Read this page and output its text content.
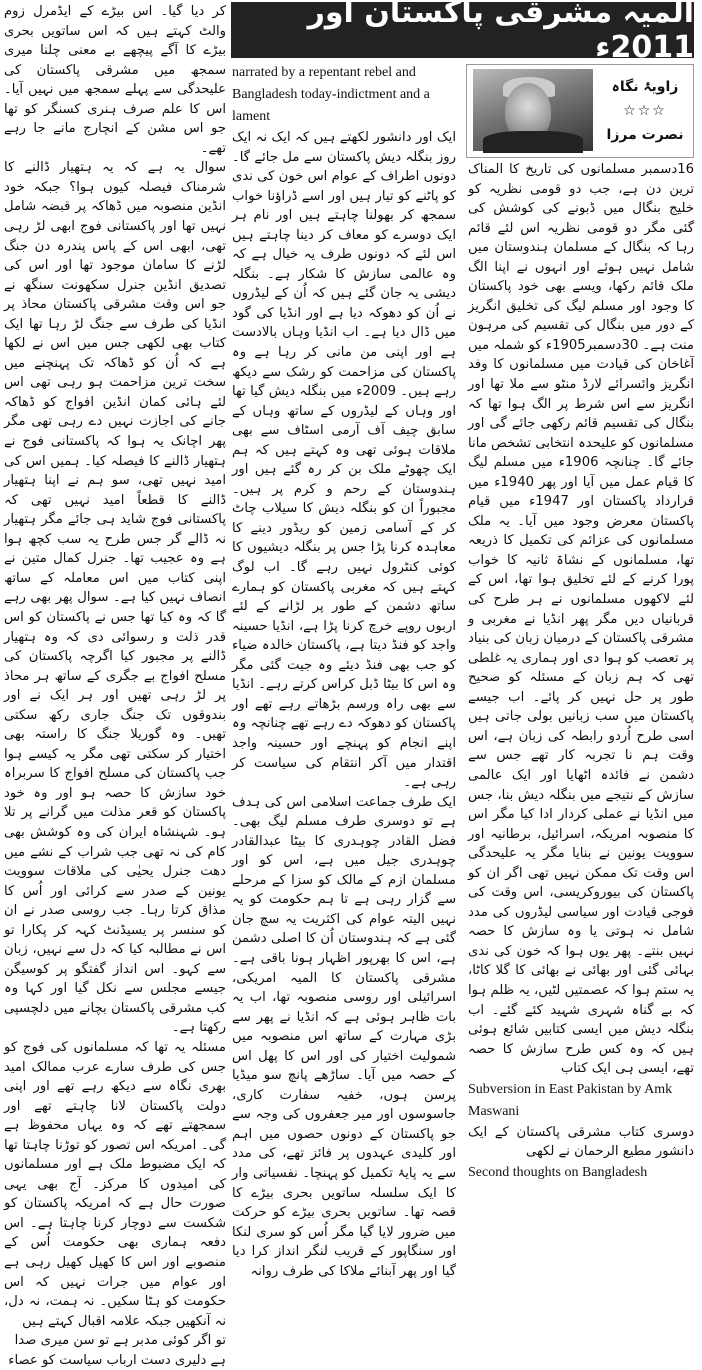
المیہ مشرقی پاکستان اور 2011ء
زاویۂ نگاہ
☆☆☆
نصرت مرزا

16دسمبر مسلمانوں کی تاریخ کا المناک ترین دن ہے، جب دو قومی نظریہ کو خلیج بنگال میں ڈبونے کی کوشش کی گئی مگر دو قومی نظریہ اس لئے قائم رہا کہ بنگال کے مسلمان ہندوستان میں شامل نہیں ہوئے اور انہوں نے اپنا الگ ملک قائم رکھا، ویسے بھی خود پاکستان کا وجود اور مسلم لیگ کی تخلیق انگریز کے دور میں بنگال کی تقسیم کی مرہون منت ہے۔ 30دسمبر1905ء کو شملہ میں آغاخان کی قیادت میں مسلمانوں کا وفد انگریز وائسرائے لارڈ منٹو سے ملا تھا اور انگریز سے اس شرط پر الگ ہوا تھا کہ بنگال کی تقسیم قائم رکھی جائے گی اور مسلمانوں کو علیحدہ انتخابی تشخص مانا جائے گا۔ چنانچہ 1906ء میں مسلم لیگ کا قیام عمل میں آیا اور پھر 1940ء میں قرارداد پاکستان اور 1947ء میں قیام پاکستان معرض وجود میں آیا۔ یہ ملک مسلمانوں کی عزائم کی تکمیل کا ذریعہ تھا، مسلمانوں کے نشاۃ ثانیہ کا خواب پورا کرنے کے لئے تخلیق ہوا تھا، اس کے لئے لاکھوں مسلمانوں نے ہر طرح کی قربانیاں دیں مگر پھر انڈیا نے مغربی و مشرقی پاکستان کے درمیان زبان کی بنیاد پر تعصب کو ہوا دی اور ہماری یہ غلطی تھی کہ ہم زبان کے مسئلہ کو صحیح طور پر حل نہیں کر پائے۔ اب جیسے پاکستان میں سب زبانیں بولی جاتی ہیں اسی طرح اُردو رابطہ کی زبان ہے، اس وقت ہم نا تجربہ کار تھے جس سے دشمن نے فائدہ اٹھایا اور ایک عالمی سازش کے نتیجے میں بنگلہ دیش بنا، جس میں انڈیا نے عملی کردار ادا کیا مگر اس کا منصوبہ امریکہ، اسرائیل، برطانیہ اور سوویت یونین نے بنایا مگر یہ علیحدگی اس وقت تک ممکن نہیں تھی اگر ان کو پاکستان کی بیوروکریسی، اس وقت کی فوجی قیادت اور سیاسی لیڈروں کی مدد شامل نہ ہوتی یا وہ سازش کا حصہ نہیں بنتے۔ پھر یوں ہوا کہ خون کی ندی بہائی گئی اور بھائی نے بھائی کا گلا کاٹا، یہ ستم ہوا کہ عصمتیں لٹیں، یہ ظلم ہوا کہ بے گناہ شہری شہید کئے گئے۔ اب بنگلہ دیش میں ایسی کتابیں شائع ہوئی ہیں کہ وہ کس طرح سازش کا حصہ تھے، ایسی ہی ایک کتاب

Subversion in East Pakistan by Amk Maswani

دوسری کتاب مشرقی پاکستان کے ایک دانشور مطیع الرحمان نے لکھی

Second thoughts on Bangladesh

narrated by a repentant rebel and Bangladesh today-indictment and a lament

ایک اور دانشور لکھتے ہیں کہ ایک نہ ایک روز بنگلہ دیش پاکستان سے مل جائے گا۔ دونوں اطراف کے عوام اس خون کی ندی کو پاٹنے کو تیار ہیں اور اسے ڈراؤنا خواب سمجھ کر بھولنا چاہتے ہیں اور نام ہر ایک دوسرے کو معاف کر دینا چاہتے ہیں اس لئے کہ دونوں طرف یہ خیال ہے کہ وہ عالمی سازش کا شکار ہے۔ بنگلہ دیشی یہ جان گئے ہیں کہ اُن کے لیڈروں نے اُن کو دھوکہ دیا ہے اور انڈیا کی گود میں ڈال دیا ہے۔ اب انڈیا وہاں بالادست ہے اور اپنی من مانی کر رہا ہے وہ پاکستان کی مزاحمت کو رشک سے دیکھ رہے ہیں۔ 2009ء میں بنگلہ دیش گیا تھا اور وہاں کے لیڈروں کے ساتھ وہاں کے سابق چیف آف آرمی اسٹاف سے بھی ملاقات ہوئی تھی وہ کہتے ہیں کہ ہم ایک چھوٹے ملک بن کر رہ گئے ہیں اور ہندوستان کے رحم و کرم پر ہیں۔ مجبوراً ان کو بنگلہ دیش کا سیلاب چاٹ کر کے آسامی زمین کو ریڈور دینے کا معاہدہ کرنا پڑا جس پر بنگلہ دیشیوں کا کوئی کنٹرول نہیں رہے گا۔ اب لوگ کہتے ہیں کہ مغربی پاکستان کو ہمارے ساتھ دشمن کے طور پر لڑانے کے لئے اربوں روپے خرچ کرنا پڑا ہے، انڈیا حسینہ واجد کو فنڈ دیتا ہے، پاکستان خالدہ ضیاء کو جب بھی فنڈ دیئے وہ جیت گئی مگر وہ اس کا بیٹا ڈبل کراس کرتے رہے۔ انڈیا سے بھی راہ ورسم بڑھاتے رہے تھے اور پاکستان کو دھوکہ دے رہے تھے چنانچہ وہ اپنے انجام کو پہنچے اور حسینہ واجد اقتدار میں آکر انتقام کی سیاست کر رہی ہے۔

ایک طرف جماعت اسلامی اس کی ہدف ہے تو دوسری طرف مسلم لیگ بھی۔ فضل القادر چوہدری کا بیٹا عبدالقادر چوہدری جیل میں ہے، اس کو اور مسلمان ازم کے مالک کو سزا کے مرحلے سے گزار رہی ہے تا ہم حکومت کو یہ نہیں الیتہ عوام کی اکثریت یہ سچ جان گئی ہے کہ ہندوستان اُن کا اصلی دشمن ہے، اس کا بھرپور اظہار ہونا باقی ہے۔ مشرقی پاکستان کا المیہ امریکی، اسرائیلی اور روسی منصوبہ تھا، اب یہ بات ظاہر ہوئی ہے کہ انڈیا نے پھر سے بڑی مہارت کے ساتھ اس منصوبہ میں شمولیت اختیار کی اور اس کا پھل اس کے حصہ میں آیا۔ ساڑھے پانچ سو میڈیا پرسن ہوں، خفیہ سفارت کاری، جاسوسوں اور میر جعفروں کی وجہ سے جو پاکستان کے دونوں حصوں میں اہم اور کلیدی عہدوں پر فائز تھے، کی مدد سے یہ پایۂ تکمیل کو پہنچا۔ نفسیاتی وار کا ایک سلسلہ ساتویں بحری بیڑے کا قصہ تھا۔ ساتویں بحری بیڑے کو حرکت میں ضرور لایا گیا مگر اُس کو سری لنکا اور سنگاپور کے قریب لنگر انداز کرا دیا گیا اور پھر آبنائے ملاکا کی طرف روانہ

کر دیا گیا۔ اس بیڑے کے ایڈمرل زوم والٹ کہتے ہیں کہ اس ساتویں بحری بیڑے کا آگے پیچھے بے معنی چلنا میری سمجھ میں مشرقی پاکستان کی علیحدگی سے پہلے سمجھ میں نہیں آیا۔ اس کا علم صرف ہنری کسنگر کو تھا جو اس مشن کے انچارج مانے جا رہے تھے۔

سوال یہ ہے کہ یہ ہتھیار ڈالنے کا شرمناک فیصلہ کیوں ہوا؟ جبکہ خود انڈین منصوبہ میں ڈھاکہ پر قبضہ شامل نہیں تھا اور پاکستانی فوج ابھی لڑ رہی تھی، ابھی اس کے پاس پندرہ دن جنگ لڑنے کا سامان موجود تھا اور اس کی تصدیق انڈین جنرل سکھونت سنگھ نے جو اس وقت مشرقی پاکستان محاذ پر انڈیا کی طرف سے جنگ لڑ رہا تھا ایک کتاب بھی لکھی جس میں اس نے لکھا ہے کہ اُن کو ڈھاکہ تک پہنچنے میں سخت ترین مزاحمت ہو رہی تھی اس لئے ہائی کمان انڈین افواج کو ڈھاکہ جانے کی اجازت نہیں دے رہی تھی مگر پھر اچانک یہ ہوا کہ پاکستانی فوج نے ہتھیار ڈالنے کا فیصلہ کیا۔ ہمیں اس کی امید نہیں تھی، سو ہم نے اپنا ہتھیار ڈالنے کا قطعاً امید نہیں تھی کہ پاکستانی فوج شاید ہی جائے مگر ہتھیار نہ ڈالے گر جس طرح یہ سب کچھ ہوا ہے وہ عجیب تھا۔ جنرل کمال متین نے اپنی کتاب میں اس معاملہ کے ساتھ انصاف نہیں کیا ہے۔ سوال پھر بھی رہے گا کہ وہ کیا تھا جس نے پاکستان کو اس قدر ذلت و رسوائی دی کہ وہ ہتھیار ڈالنے پر مجبور کیا اگرچہ پاکستان کی مسلح افواج بے جگری کے ساتھ ہر محاذ پر لڑ رہی تھیں اور ہر ایک نے اور بندوقوں تک جنگ جاری رکھ سکتی تھیں۔ وہ گوریلا جنگ کا راستہ بھی اختیار کر سکتی تھی مگر یہ کیسے ہوا جب پاکستان کی مسلح افواج کا سربراہ خود سازش کا حصہ ہو اور وہ خود پاکستان کو قعر مذلت میں گرانے پر تلا ہو۔ شہنشاہ ایران کی وہ کوشش بھی کام کی نہ تھی جب شراب کے نشے میں دھت جنرل یحیٰی کی ملاقات سوویت یونین کے صدر سے کرائی اور اُس کا مذاق کرتا رہا۔ جب روسی صدر نے ان کو سنسر پر یسیڈنٹ کہہ کر پکارا تو اس نے مطالبہ کیا کہ دل سے نہیں، زبان سے کہو۔ اس انداز گفتگو پر کوسیگن جیسے مجلس سے نکل گیا اور کہا وہ کب مشرقی پاکستان بچانے میں دلچسپی رکھتا ہے۔

مسئلہ یہ تھا کہ مسلمانوں کی فوج کو جس کی طرف سارے عرب ممالک امید بھری نگاہ سے دیکھ رہے تھے اور اپنی دولت پاکستان لانا چاہتے تھے اور سمجھتے تھے کہ وہ یہاں محفوظ ہے گی۔ امریکہ اس تصور کو توڑنا چاہتا تھا کہ ایک مضبوط ملک ہے اور مسلمانوں کی امیدوں کا مرکز۔ آج بھی یہی صورت حال ہے کہ امریکہ پاکستان کو شکست سے دوچار کرنا چاہتا ہے۔ اس دفعہ ہماری بھی حکومت اُس کے منصوبے اور اس کا کھیل کھیل رہی ہے اور عوام میں جرات نہیں کہ اس حکومت کو ہٹا سکیں۔ نہ ہمت، نہ دل، نہ آنکھیں جبکہ علامہ اقبال کہتے ہیں

تو اگر کوئی مدبر ہے تو سن میری صدا

ہے دلیری دست ارباب سیاست کو عصاء
